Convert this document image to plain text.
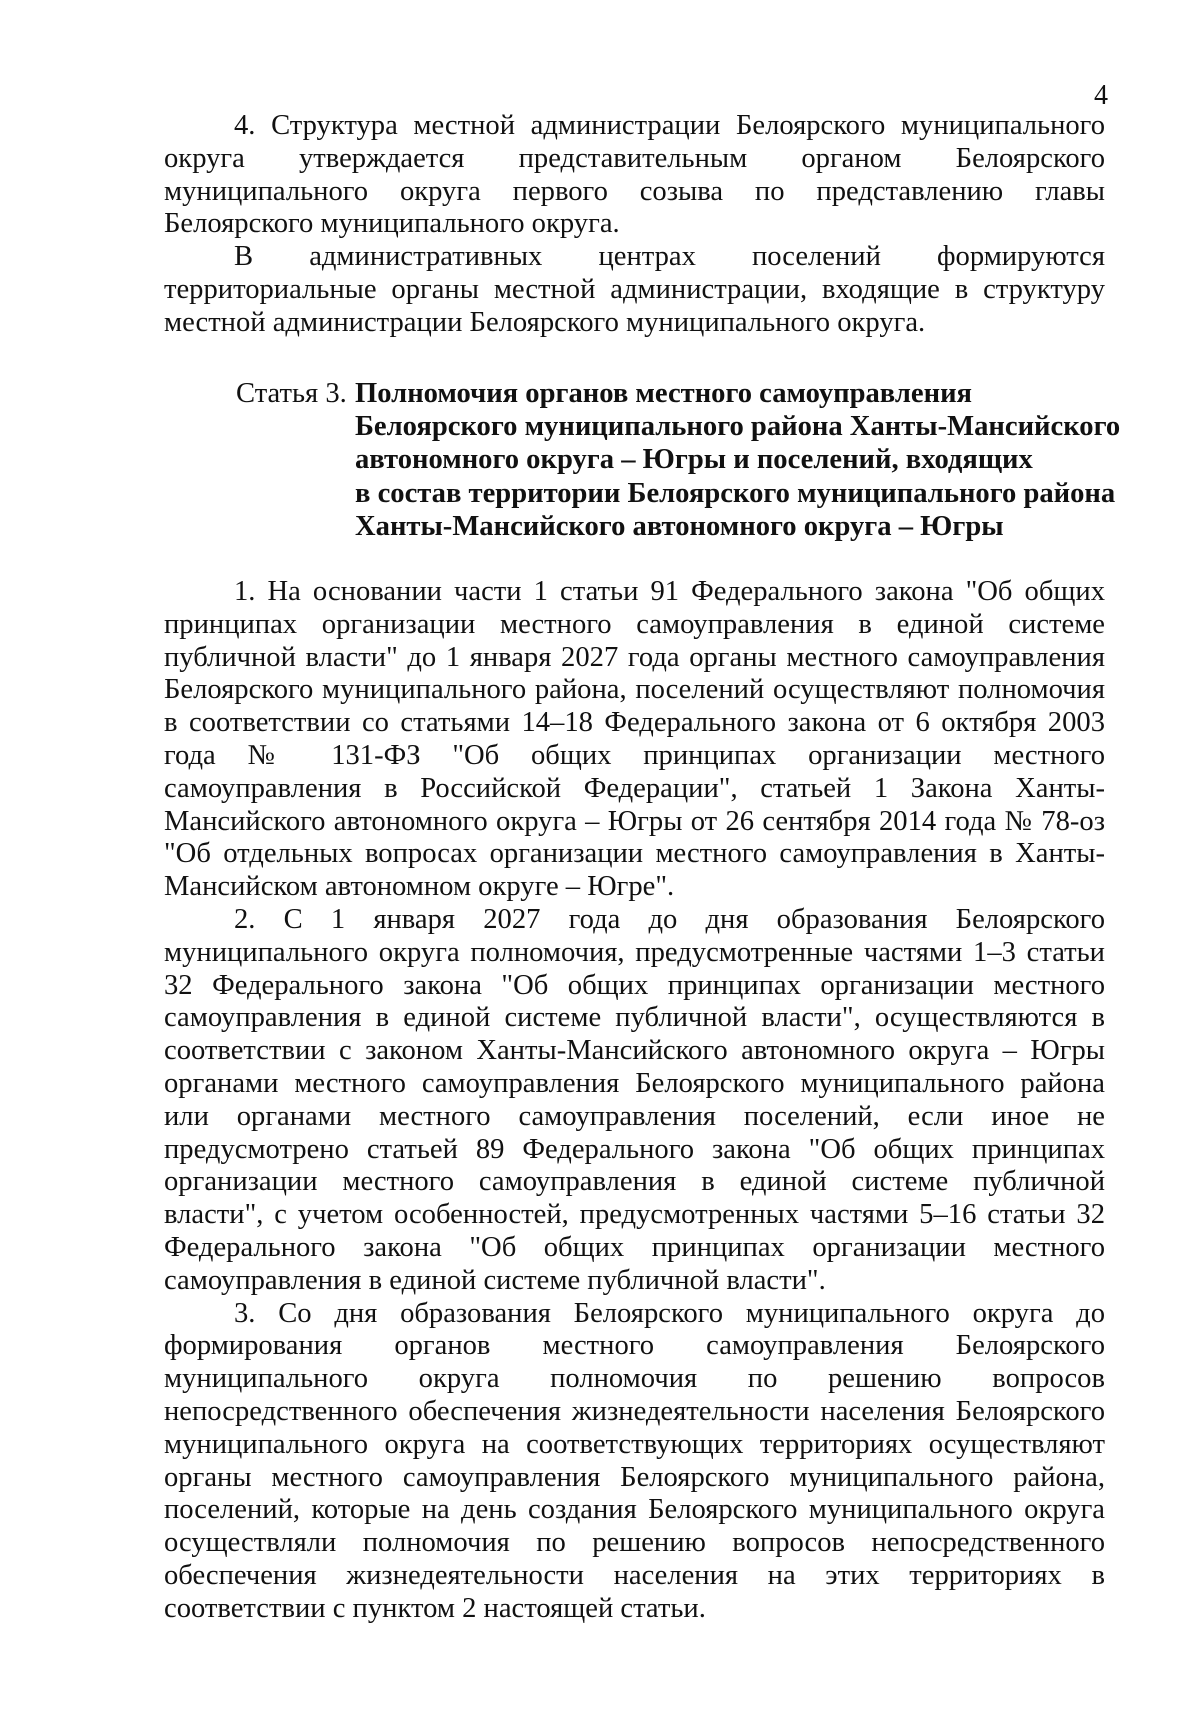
4

4. Структура местной администрации Белоярского муниципального округа утверждается представительным органом Белоярского муниципального округа первого созыва по представлению главы Белоярского муниципального округа.

В административных центрах поселений формируются территориальные органы местной администрации, входящие в структуру местной администрации Белоярского муниципального округа.

Статья 3. Полномочия органов местного самоуправления
Белоярского муниципального района Ханты-Мансийского
автономного округа – Югры и поселений, входящих
в состав территории Белоярского муниципального района
Ханты-Мансийского автономного округа – Югры

1. На основании части 1 статьи 91 Федерального закона "Об общих принципах организации местного самоуправления в единой системе публичной власти" до 1 января 2027 года органы местного самоуправления Белоярского муниципального района, поселений осуществляют полномочия в соответствии со статьями 14–18 Федерального закона от 6 октября 2003 года № 131-ФЗ "Об общих принципах организации местного самоуправления в Российской Федерации", статьей 1 Закона Ханты-Мансийского автономного округа – Югры от 26 сентября 2014 года № 78-оз "Об отдельных вопросах организации местного самоуправления в Ханты-Мансийском автономном округе – Югре".

2. С 1 января 2027 года до дня образования Белоярского муниципального округа полномочия, предусмотренные частями 1–3 статьи 32 Федерального закона "Об общих принципах организации местного самоуправления в единой системе публичной власти", осуществляются в соответствии с законом Ханты-Мансийского автономного округа – Югры органами местного самоуправления Белоярского муниципального района или органами местного самоуправления поселений, если иное не предусмотрено статьей 89 Федерального закона "Об общих принципах организации местного самоуправления в единой системе публичной власти", с учетом особенностей, предусмотренных частями 5–16 статьи 32 Федерального закона "Об общих принципах организации местного самоуправления в единой системе публичной власти".

3. Со дня образования Белоярского муниципального округа до формирования органов местного самоуправления Белоярского муниципального округа полномочия по решению вопросов непосредственного обеспечения жизнедеятельности населения Белоярского муниципального округа на соответствующих территориях осуществляют органы местного самоуправления Белоярского муниципального района, поселений, которые на день создания Белоярского муниципального округа осуществляли полномочия по решению вопросов непосредственного обеспечения жизнедеятельности населения на этих территориях в соответствии с пунктом 2 настоящей статьи.
